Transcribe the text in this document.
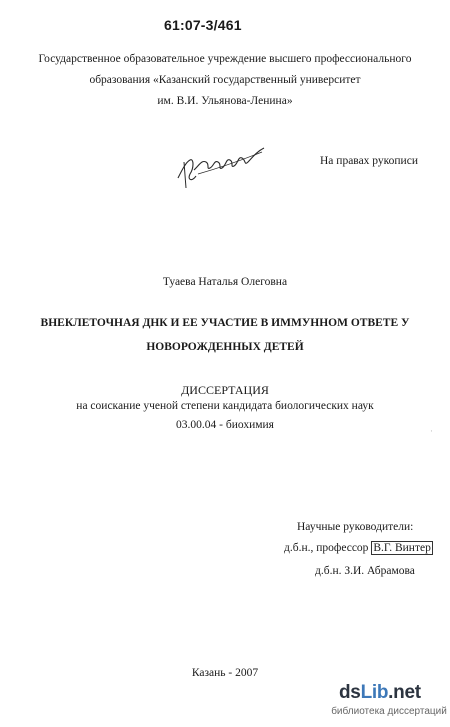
61:07-3/461
Государственное образовательное учреждение высшего профессионального
образования «Казанский государственный университет
им. В.И. Ульянова-Ленина»
На правах рукописи
Туаева Наталья Олеговна
ВНЕКЛЕТОЧНАЯ ДНК И ЕЕ УЧАСТИЕ В ИММУННОМ ОТВЕТЕ У
НОВОРОЖДЕННЫХ ДЕТЕЙ
ДИССЕРТАЦИЯ
на соискание ученой степени кандидата биологических наук
03.00.04 - биохимия	·
Научные руководители:
д.б.н., профессор В.Г. Винтер
д.б.н. З.И. Абрамова
Казань - 2007
dsLib.net
библиотека диссертаций
